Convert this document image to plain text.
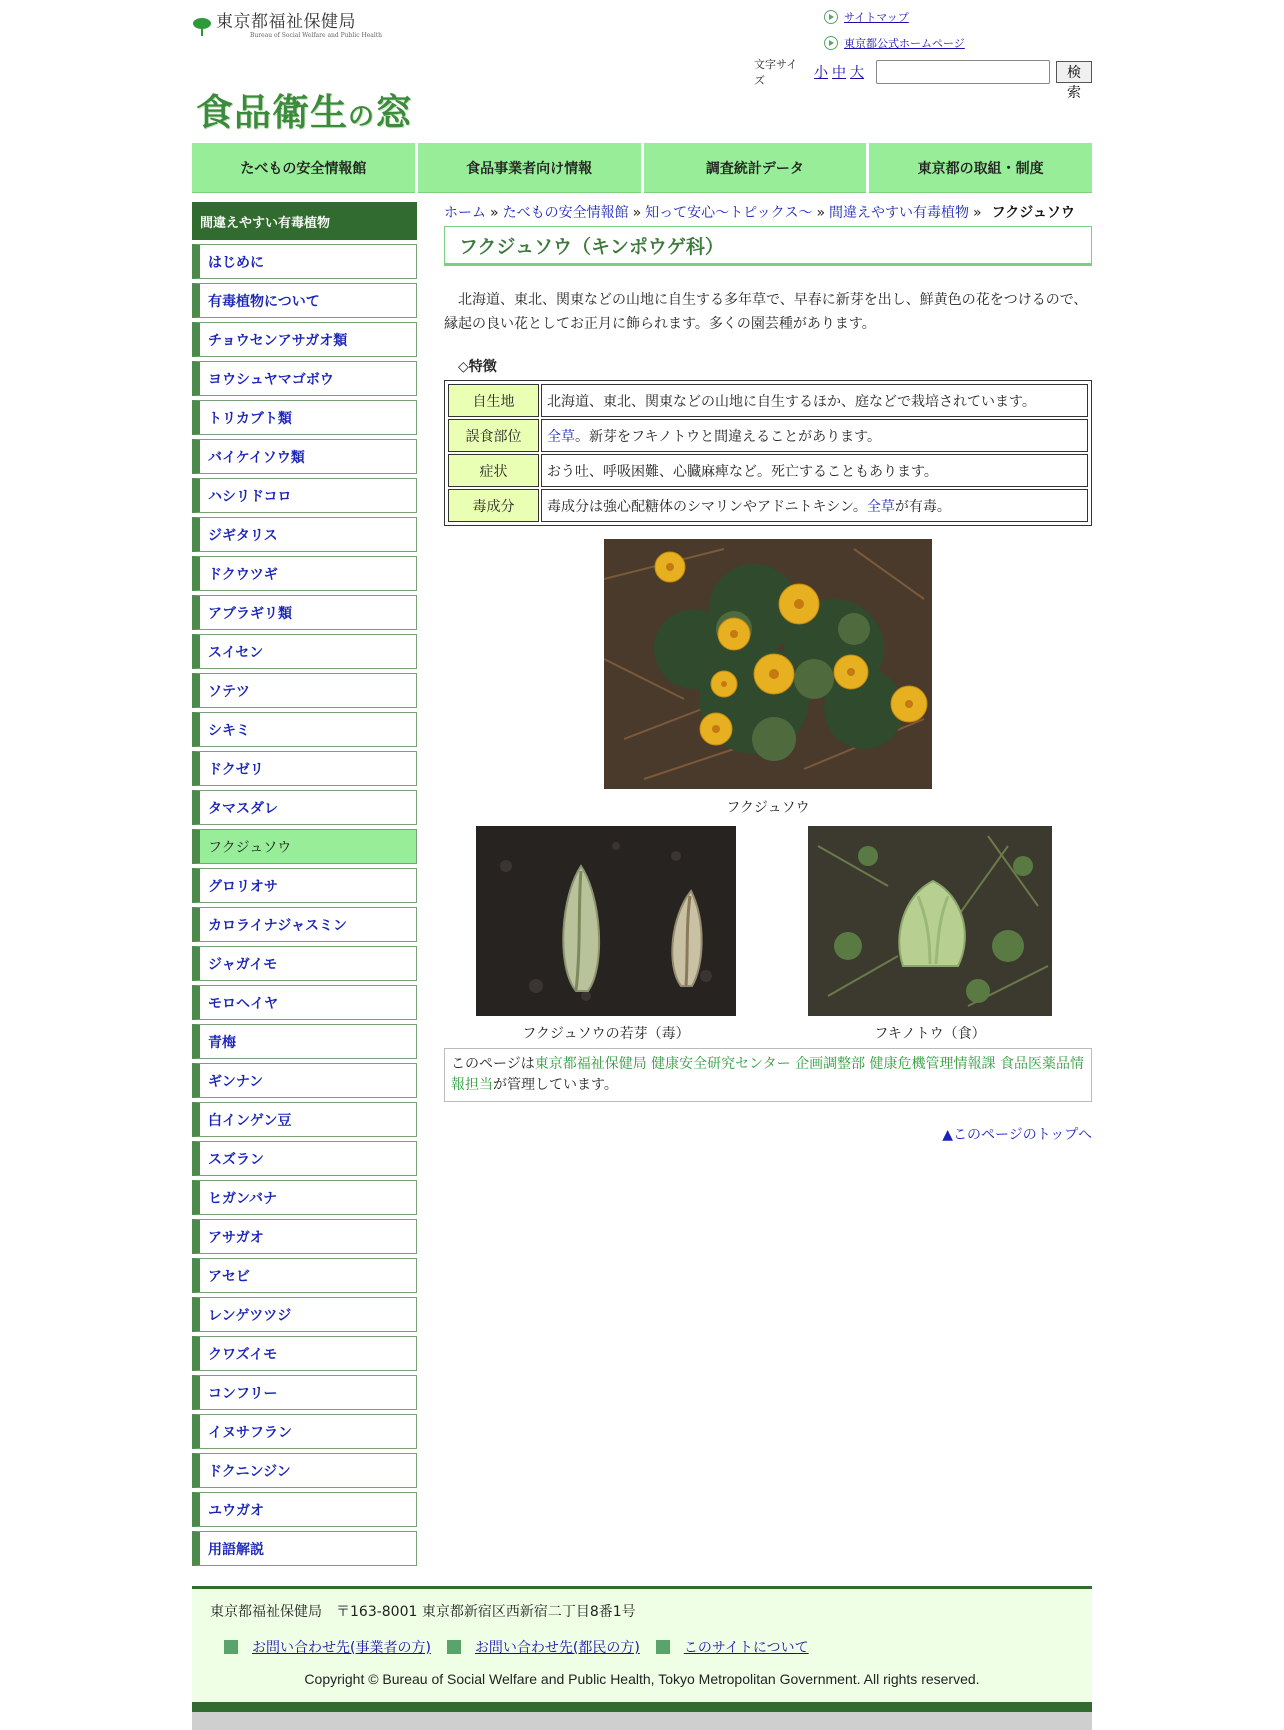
東京都福祉保健局
Bureau of Social Welfare and Public Health
サイトマップ
東京都公式ホームページ
文字サイズ
小 中 大	検索
食品衛生の窓
たべもの安全情報館	食品事業者向け情報	調査統計データ	東京都の取組・制度
間違えやすい有毒植物
はじめに
有毒植物について
チョウセンアサガオ類
ヨウシュヤマゴボウ
トリカブト類
バイケイソウ類
ハシリドコロ
ジギタリス
ドクウツギ
アブラギリ類
スイセン
ソテツ
シキミ
ドクゼリ
タマスダレ
フクジュソウ
グロリオサ
カロライナジャスミン
ジャガイモ
モロヘイヤ
青梅
ギンナン
白インゲン豆
スズラン
ヒガンバナ
アサガオ
アセビ
レンゲツツジ
クワズイモ
コンフリー
イヌサフラン
ドクニンジン
ユウガオ
用語解説
ホーム » たべもの安全情報館 » 知って安心～トピックス～ » 間違えやすい有毒植物 » フクジュソウ
フクジュソウ（キンポウゲ科）

北海道、東北、関東などの山地に自生する多年草で、早春に新芽を出し、鮮黄色の花をつけるので、縁起の良い花としてお正月に飾られます。多くの園芸種があります。

◇特徴
自生地	北海道、東北、関東などの山地に自生するほか、庭などで栽培されています。
誤食部位	全草 。新芽をフキノトウと間違えることがあります。
症状	おう吐、呼吸困難、心臓麻痺など。死亡することもあります。
毒成分	毒成分は強心配糖体のシマリンやアドニトキシン。 全草 が有毒。
フクジュソウ
フクジュソウの若芽（毒）	フキノトウ（食）
このページは東京都福祉保健局 健康安全研究センター 企画調整部 健康危機管理情報課 食品医薬品情報担当が管理しています。
▲このページのトップへ
東京都福祉保健局　〒163-8001 東京都新宿区西新宿二丁目8番1号
お問い合わせ先(事業者の方)	お問い合わせ先(都民の方)	このサイトについて
Copyright © Bureau of Social Welfare and Public Health, Tokyo Metropolitan Government. All rights reserved.
